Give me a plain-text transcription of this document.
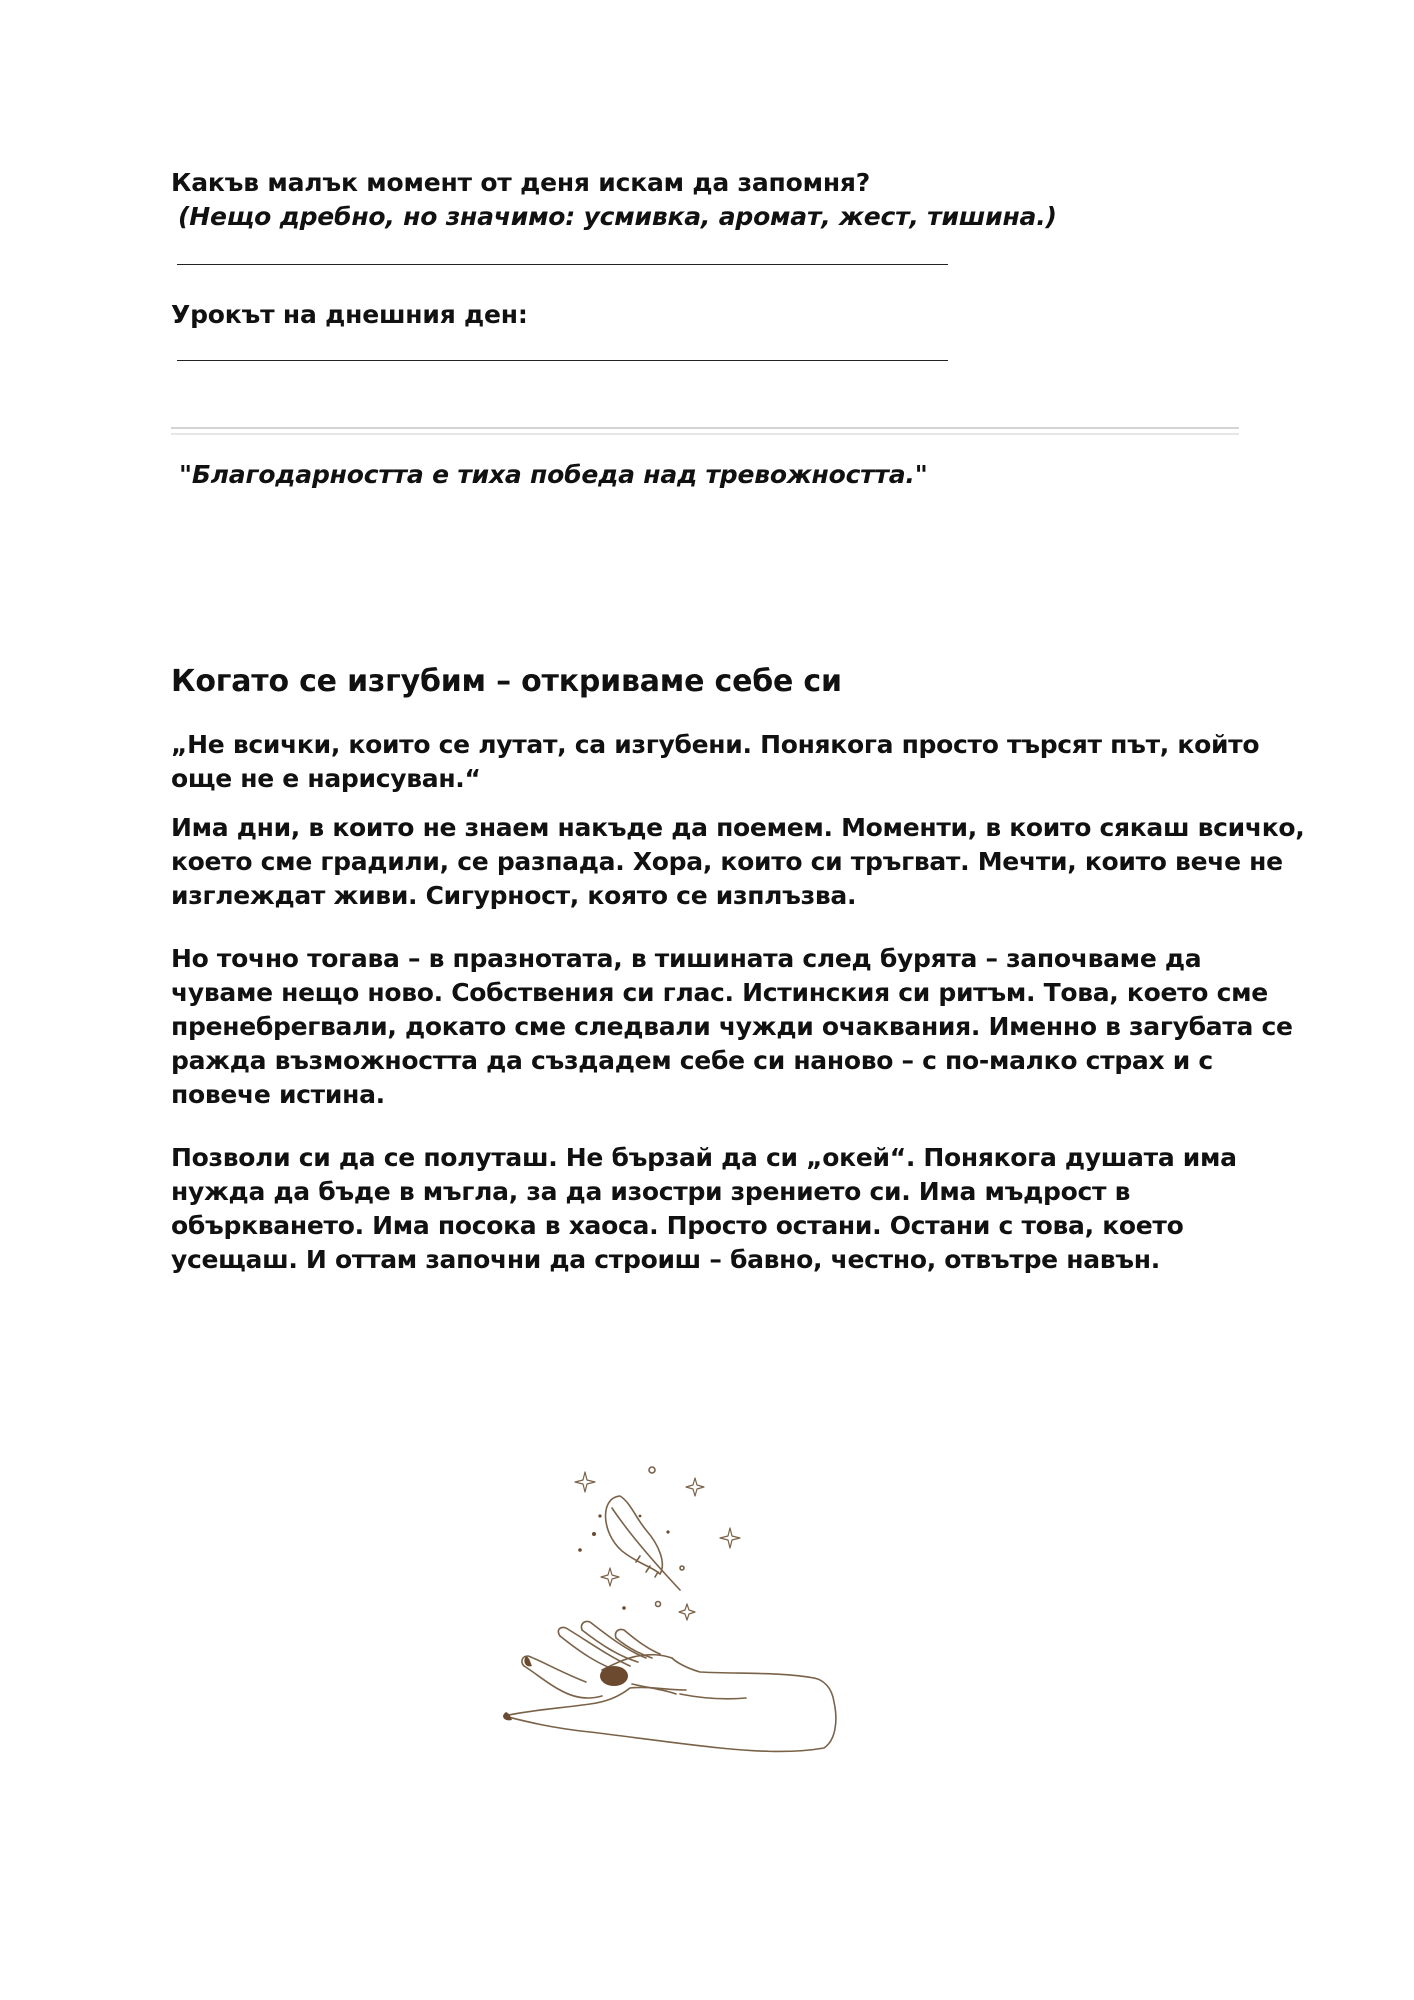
Какъв малък момент от деня искам да запомня?
(Нещо дребно, но значимо: усмивка, аромат, жест, тишина.)
Урокът на днешния ден:
"Благодарността е тиха победа над тревожността."
Когато се изгубим – откриваме себе си
„Не всички, които се лутат, са изгубени. Понякога просто търсят път, който още не е нарисуван.“
Има дни, в които не знаем накъде да поемем. Моменти, в които сякаш всичко, което сме градили, се разпада. Хора, които си тръгват. Мечти, които вече не изглеждат живи. Сигурност, която се изплъзва.
Но точно тогава – в празнотата, в тишината след бурята – започваме да чуваме нещо ново. Собствения си глас. Истинския си ритъм. Това, което сме пренебрегвали, докато сме следвали чужди очаквания. Именно в загубата се ражда възможността да създадем себе си наново – с по-малко страх и с повече истина.
Позволи си да се полуташ. Не бързай да си „окей“. Понякога душата има нужда да бъде в мъгла, за да изостри зрението си. Има мъдрост в объркването. Има посока в хаоса. Просто остани. Остани с това, което усещаш. И оттам започни да строиш – бавно, честно, отвътре навън.
